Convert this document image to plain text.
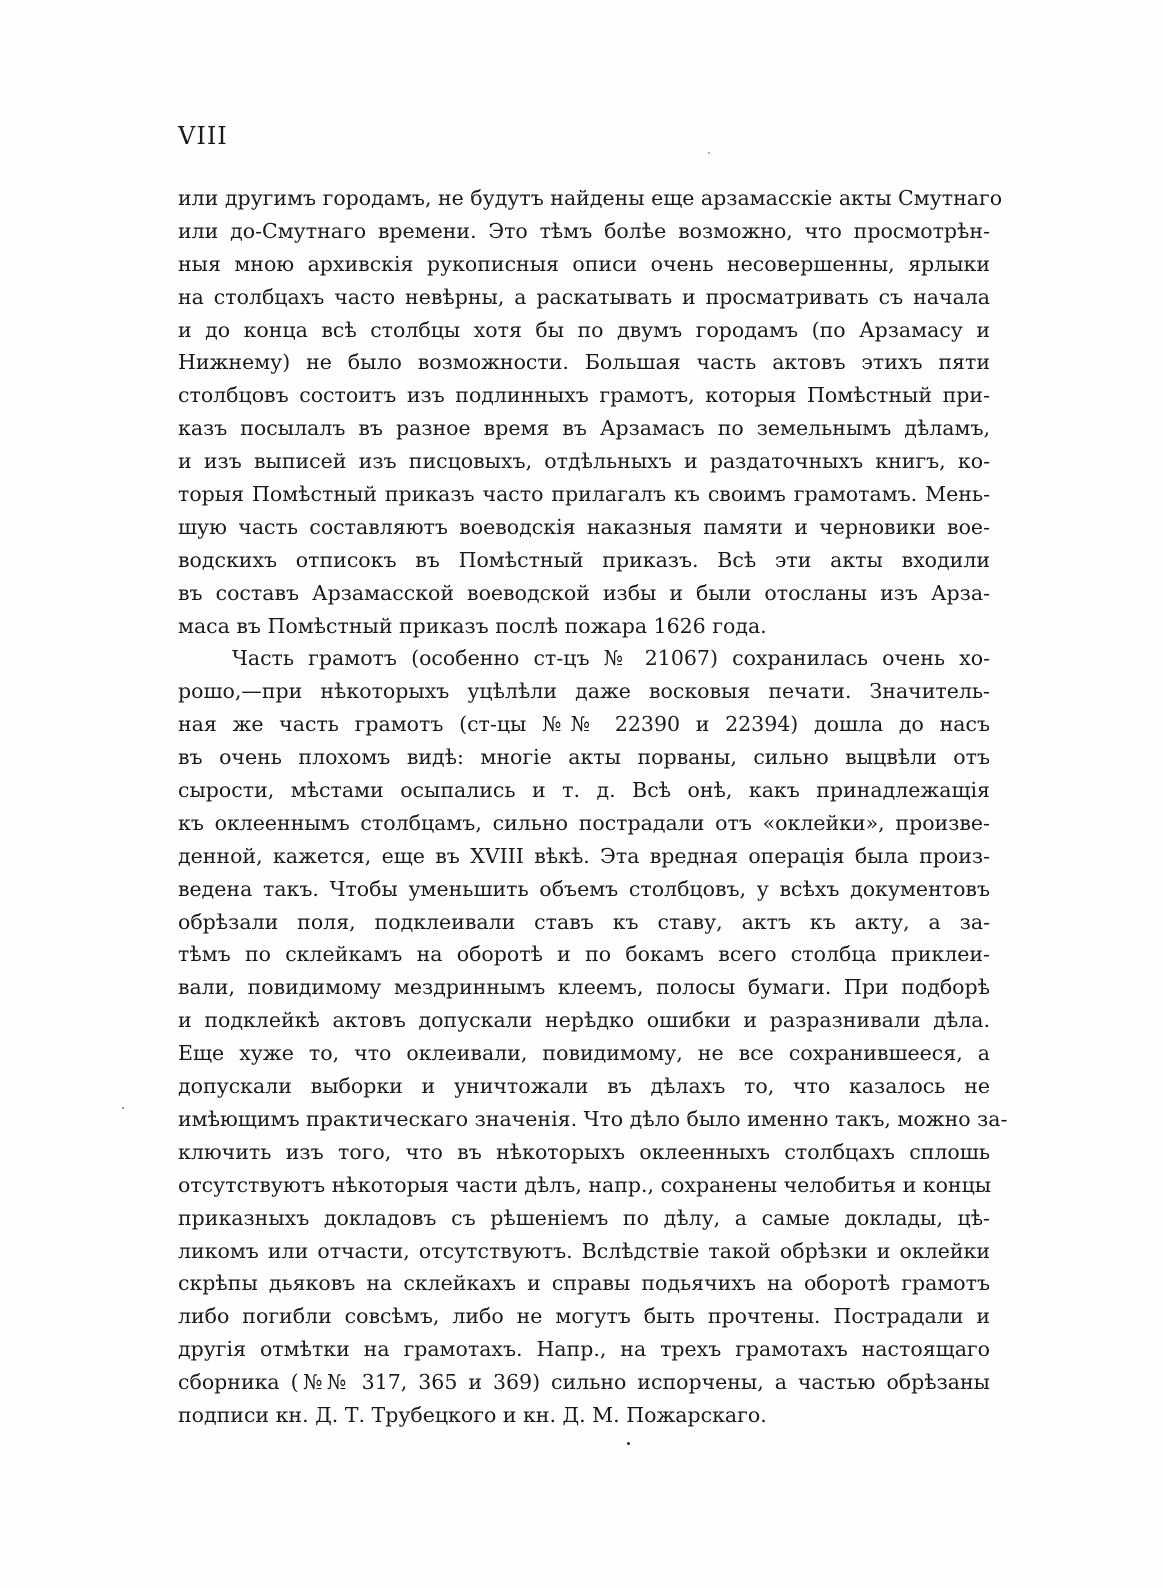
VIII
или другимъ городамъ, не будутъ найдены еще арзамасскіе акты Смутнаго
или до-Смутнаго времени. Это тѣмъ болѣе возможно, что просмотрѣн-
ныя мною архивскія рукописныя описи очень несовершенны, ярлыки
на столбцахъ часто невѣрны, а раскатывать и просматривать съ начала
и до конца всѣ столбцы хотя бы по двумъ городамъ (по Арзамасу и
Нижнему) не было возможности. Большая часть актовъ этихъ пяти
столбцовъ состоитъ изъ подлинныхъ грамотъ, которыя Помѣстный при-
казъ посылалъ въ разное время въ Арзамасъ по земельнымъ дѣламъ,
и изъ выписей изъ писцовыхъ, отдѣльныхъ и раздаточныхъ книгъ, ко-
торыя Помѣстный приказъ часто прилагалъ къ своимъ грамотамъ. Мень-
шую часть составляютъ воеводскія наказныя памяти и черновики вое-
водскихъ отписокъ въ Помѣстный приказъ. Всѣ эти акты входили
въ составъ Арзамасской воеводской избы и были отосланы изъ Арза-
маса въ Помѣстный приказъ послѣ пожара 1626 года.
Часть грамотъ (особенно ст-цъ № 21067) сохранилась очень хо-
рошо,—при нѣкоторыхъ уцѣлѣли даже восковыя печати. Значитель-
ная же часть грамотъ (ст-цы №№ 22390 и 22394) дошла до насъ
въ очень плохомъ видѣ: многіе акты порваны, сильно выцвѣли отъ
сырости, мѣстами осыпались и т. д. Всѣ онѣ, какъ принадлежащія
къ оклееннымъ столбцамъ, сильно пострадали отъ «оклейки», произве-
денной, кажется, еще въ XVIII вѣкѣ. Эта вредная операція была произ-
ведена такъ. Чтобы уменьшить объемъ столбцовъ, у всѣхъ документовъ
обрѣзали поля, подклеивали ставъ къ ставу, актъ къ акту, а за-
тѣмъ по склейкамъ на оборотѣ и по бокамъ всего столбца приклеи-
вали, повидимому мездриннымъ клеемъ, полосы бумаги. При подборѣ
и подклейкѣ актовъ допускали нерѣдко ошибки и разразнивали дѣла.
Еще хуже то, что оклеивали, повидимому, не все сохранившееся, а
допускали выборки и уничтожали въ дѣлахъ то, что казалось не
имѣющимъ практическаго значенія. Что дѣло было именно такъ, можно за-
ключить изъ того, что въ нѣкоторыхъ оклеенныхъ столбцахъ сплошь
отсутствуютъ нѣкоторыя части дѣлъ, напр., сохранены челобитья и концы
приказныхъ докладовъ съ рѣшеніемъ по дѣлу, а самые доклады, цѣ-
ликомъ или отчасти, отсутствуютъ. Вслѣдствіе такой обрѣзки и оклейки
скрѣпы дьяковъ на склейкахъ и справы подьячихъ на оборотѣ грамотъ
либо погибли совсѣмъ, либо не могутъ быть прочтены. Пострадали и
другія отмѣтки на грамотахъ. Напр., на трехъ грамотахъ настоящаго
сборника (№№ 317, 365 и 369) сильно испорчены, а частью обрѣзаны
подписи кн. Д. Т. Трубецкого и кн. Д. М. Пожарскаго.
